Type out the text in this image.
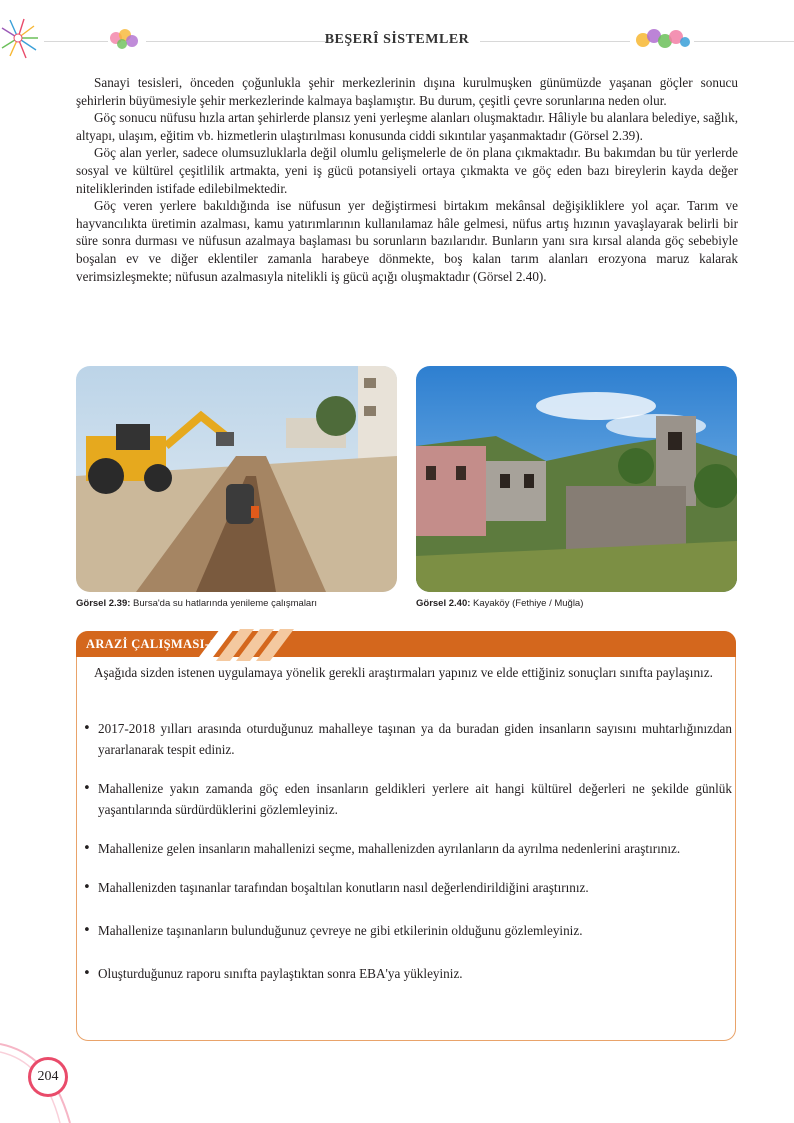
BEŞERÎ SİSTEMLER

Sanayi tesisleri, önceden çoğunlukla şehir merkezlerinin dışına kurulmuşken günümüzde yaşanan göçler sonucu şehirlerin büyümesiyle şehir merkezlerinde kalmaya başlamıştır. Bu durum, çeşitli çevre sorunlarına neden olur.

Göç sonucu nüfusu hızla artan şehirlerde plansız yeni yerleşme alanları oluşmaktadır. Hâliyle bu alanlara belediye, sağlık, altyapı, ulaşım, eğitim vb. hizmetlerin ulaştırılması konusunda ciddi sıkıntılar yaşanmaktadır (Görsel 2.39).

Göç alan yerler, sadece olumsuzluklarla değil olumlu gelişmelerle de ön plana çıkmaktadır. Bu bakımdan bu tür yerlerde sosyal ve kültürel çeşitlilik artmakta, yeni iş gücü potansiyeli ortaya çıkmakta ve göç eden bazı bireylerin kayda değer niteliklerinden istifade edilebilmektedir.

Göç veren yerlere bakıldığında ise nüfusun yer değiştirmesi birtakım mekânsal değişikliklere yol açar. Tarım ve hayvancılıkta üretimin azalması, kamu yatırımlarının kullanılamaz hâle gelmesi, nüfus artış hızının yavaşlayarak belirli bir süre sonra durması ve nüfusun azalmaya başlaması bu sorunların bazılarıdır. Bunların yanı sıra kırsal alanda göç sebebiyle boşalan ev ve diğer eklentiler zamanla harabeye dönmekte, boş kalan tarım alanları erozyona maruz kalarak verimsizleşmekte; nüfusun azalmasıyla nitelikli iş gücü açığı oluşmaktadır (Görsel 2.40).

Görsel 2.39: Bursa'da su hatlarında yenileme çalışmaları	Görsel 2.40: Kayaköy (Fethiye / Muğla)
ARAZİ ÇALIŞMASI-1

Aşağıda sizden istenen uygulamaya yönelik gerekli araştırmaları yapınız ve elde ettiğiniz sonuçları sınıfta paylaşınız.

• 2017-2018 yılları arasında oturduğunuz mahalleye taşınan ya da buradan giden insanların sayısını muhtarlığınızdan yararlanarak tespit ediniz.
• Mahallenize yakın zamanda göç eden insanların geldikleri yerlere ait hangi kültürel değerleri ne şekilde günlük yaşantılarında sürdürdüklerini gözlemleyiniz.
• Mahallenize gelen insanların mahallenizi seçme, mahallenizden ayrılanların da ayrılma nedenlerini araştırınız.
• Mahallenizden taşınanlar tarafından boşaltılan konutların nasıl değerlendirildiğini araştırınız.
• Mahallenize taşınanların bulunduğunuz çevreye ne gibi etkilerinin olduğunu gözlemleyiniz.
• Oluşturduğunuz raporu sınıfta paylaştıktan sonra EBA'ya yükleyiniz.
204
